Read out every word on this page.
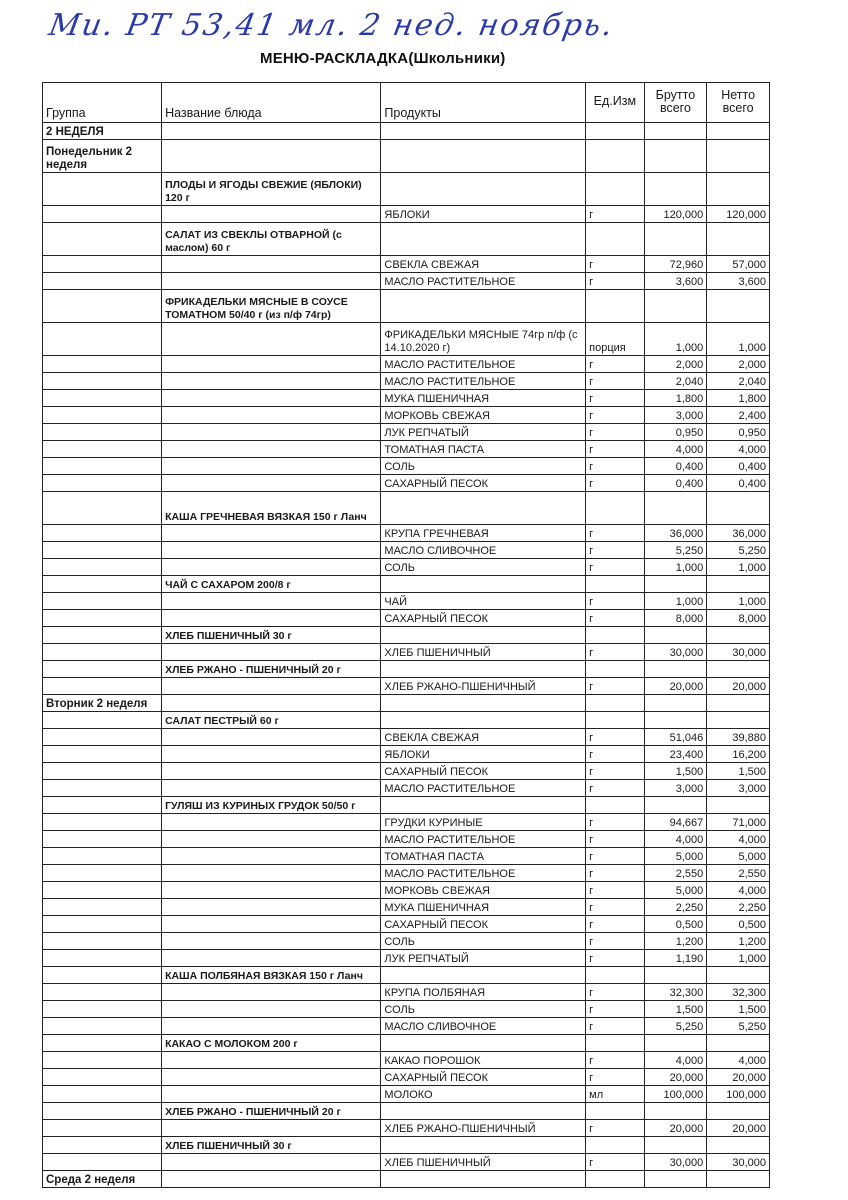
Ми. РТ 53,41 мл. 2 нед. ноябрь.
МЕНЮ-РАСКЛАДКА(Школьники)
Группа	Название блюда	Продукты	Ед.Изм	Брутто всего	Нетто всего
2 НЕДЕЛЯ					
Понедельник 2 неделя					
	ПЛОДЫ И ЯГОДЫ СВЕЖИЕ (ЯБЛОКИ) 120 г				
		ЯБЛОКИ	г	120,000	120,000
	САЛАТ ИЗ СВЕКЛЫ ОТВАРНОЙ (с маслом) 60 г				
		СВЕКЛА СВЕЖАЯ	г	72,960	57,000
		МАСЛО РАСТИТЕЛЬНОЕ	г	3,600	3,600
	ФРИКАДЕЛЬКИ МЯСНЫЕ В СОУСЕ ТОМАТНОМ 50/40 г (из п/ф 74гр)				
		ФРИКАДЕЛЬКИ МЯСНЫЕ 74гр п/ф (с 14.10.2020 г)	порция	1,000	1,000
		МАСЛО РАСТИТЕЛЬНОЕ	г	2,000	2,000
		МАСЛО РАСТИТЕЛЬНОЕ	г	2,040	2,040
		МУКА ПШЕНИЧНАЯ	г	1,800	1,800
		МОРКОВЬ СВЕЖАЯ	г	3,000	2,400
		ЛУК РЕПЧАТЫЙ	г	0,950	0,950
		ТОМАТНАЯ ПАСТА	г	4,000	4,000
		СОЛЬ	г	0,400	0,400
		САХАРНЫЙ ПЕСОК	г	0,400	0,400
	КАША ГРЕЧНЕВАЯ ВЯЗКАЯ 150 г Ланч				
		КРУПА ГРЕЧНЕВАЯ	г	36,000	36,000
		МАСЛО СЛИВОЧНОЕ	г	5,250	5,250
		СОЛЬ	г	1,000	1,000
	ЧАЙ С САХАРОМ 200/8 г				
		ЧАЙ	г	1,000	1,000
		САХАРНЫЙ ПЕСОК	г	8,000	8,000
	ХЛЕБ ПШЕНИЧНЫЙ 30 г				
		ХЛЕБ ПШЕНИЧНЫЙ	г	30,000	30,000
	ХЛЕБ РЖАНО - ПШЕНИЧНЫЙ 20 г				
		ХЛЕБ РЖАНО-ПШЕНИЧНЫЙ	г	20,000	20,000
Вторник 2 неделя					
	САЛАТ ПЕСТРЫЙ 60 г				
		СВЕКЛА СВЕЖАЯ	г	51,046	39,880
		ЯБЛОКИ	г	23,400	16,200
		САХАРНЫЙ ПЕСОК	г	1,500	1,500
		МАСЛО РАСТИТЕЛЬНОЕ	г	3,000	3,000
	ГУЛЯШ ИЗ КУРИНЫХ ГРУДОК 50/50 г				
		ГРУДКИ КУРИНЫЕ	г	94,667	71,000
		МАСЛО РАСТИТЕЛЬНОЕ	г	4,000	4,000
		ТОМАТНАЯ ПАСТА	г	5,000	5,000
		МАСЛО РАСТИТЕЛЬНОЕ	г	2,550	2,550
		МОРКОВЬ СВЕЖАЯ	г	5,000	4,000
		МУКА ПШЕНИЧНАЯ	г	2,250	2,250
		САХАРНЫЙ ПЕСОК	г	0,500	0,500
		СОЛЬ	г	1,200	1,200
		ЛУК РЕПЧАТЫЙ	г	1,190	1,000
	КАША ПОЛБЯНАЯ ВЯЗКАЯ 150 г Ланч				
		КРУПА ПОЛБЯНАЯ	г	32,300	32,300
		СОЛЬ	г	1,500	1,500
		МАСЛО СЛИВОЧНОЕ	г	5,250	5,250
	КАКАО С МОЛОКОМ 200 г				
		КАКАО ПОРОШОК	г	4,000	4,000
		САХАРНЫЙ ПЕСОК	г	20,000	20,000
		МОЛОКО	мл	100,000	100,000
	ХЛЕБ РЖАНО - ПШЕНИЧНЫЙ 20 г				
		ХЛЕБ РЖАНО-ПШЕНИЧНЫЙ	г	20,000	20,000
	ХЛЕБ ПШЕНИЧНЫЙ 30 г				
		ХЛЕБ ПШЕНИЧНЫЙ	г	30,000	30,000
Среда 2 неделя					
